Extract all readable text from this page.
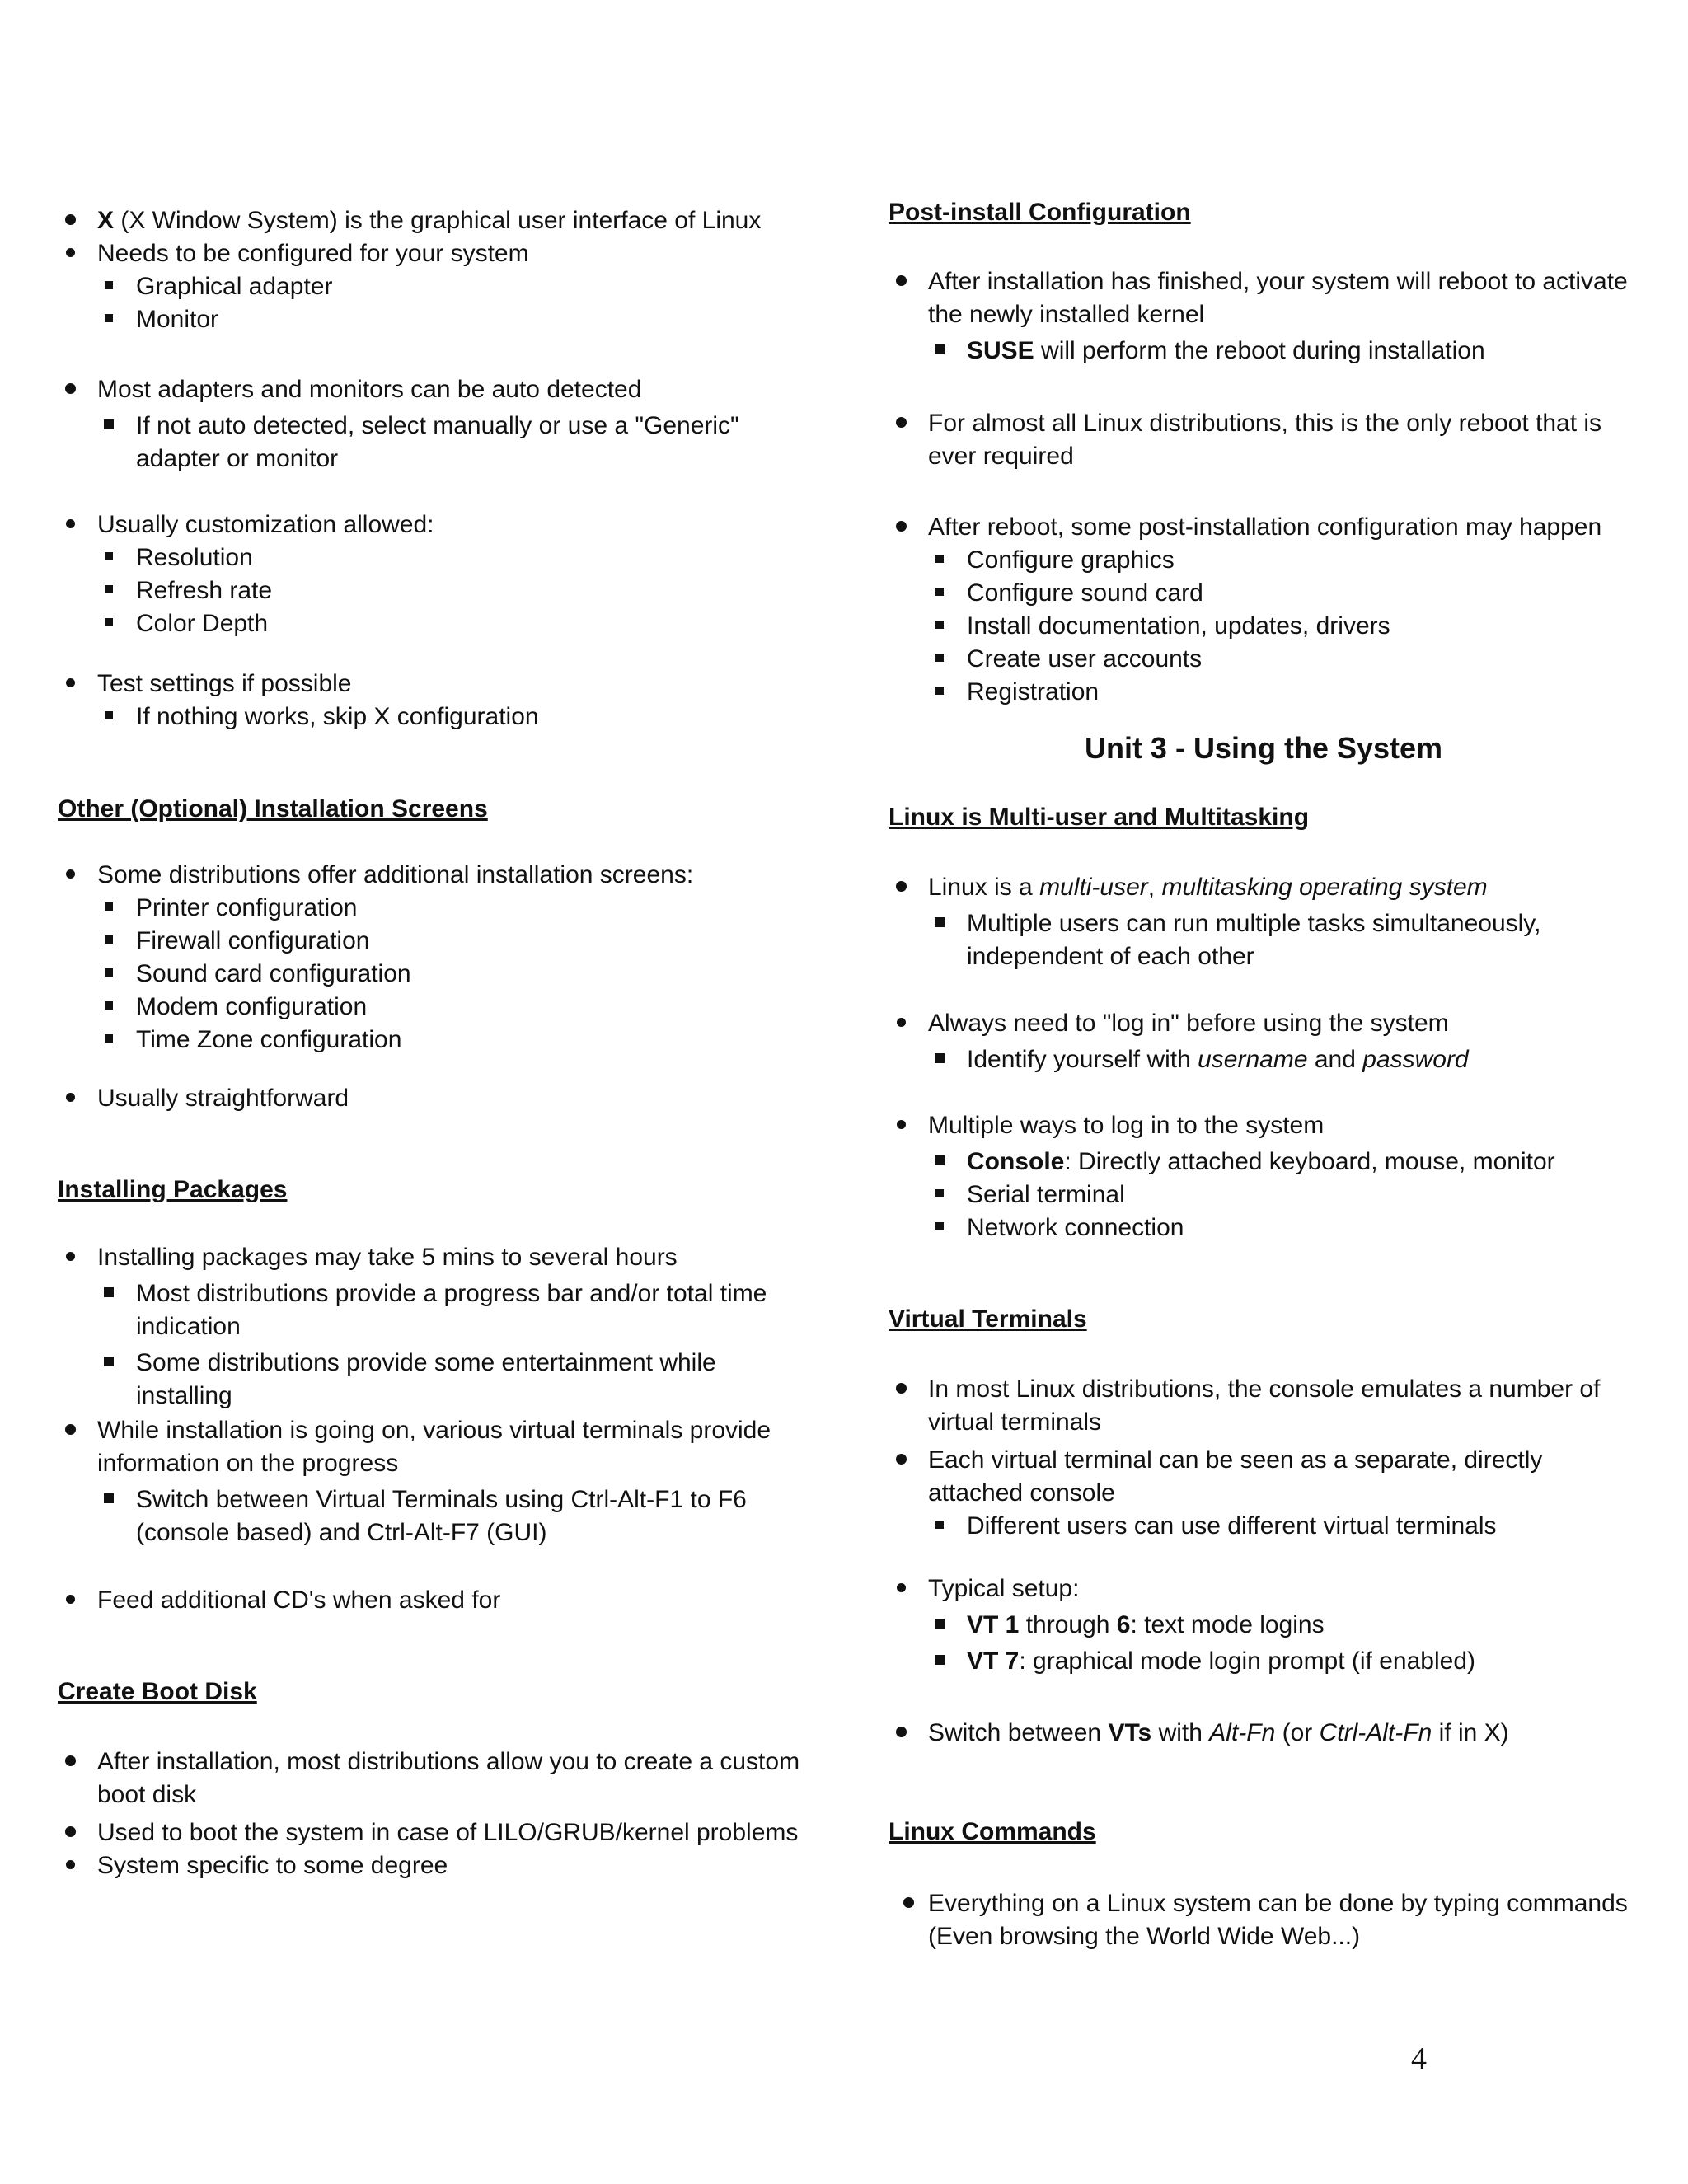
X (X Window System) is the graphical user interface of Linux
Needs to be configured for your system
Graphical adapter
Monitor
Most adapters and monitors can be auto detected
If not auto detected, select manually or use a "Generic" adapter or monitor
Usually customization allowed:
Resolution
Refresh rate
Color Depth
Test settings if possible
If nothing works, skip X configuration
Other (Optional) Installation Screens
Some distributions offer additional installation screens:
Printer configuration
Firewall configuration
Sound card configuration
Modem configuration
Time Zone configuration
Usually straightforward
Installing Packages
Installing packages may take 5 mins to several hours
Most distributions provide a progress bar and/or total time indication
Some distributions provide some entertainment while installing
While installation is going on, various virtual terminals provide information on the progress
Switch between Virtual Terminals using Ctrl-Alt-F1 to F6 (console based) and Ctrl-Alt-F7 (GUI)
Feed additional CD's when asked for
Create Boot Disk
After installation, most distributions allow you to create a custom boot disk
Used to boot the system in case of LILO/GRUB/kernel problems
System specific to some degree
Post-install Configuration
After installation has finished, your system will reboot to activate the newly installed kernel
SUSE will perform the reboot during installation
For almost all Linux distributions, this is the only reboot that is ever required
After reboot, some post-installation configuration may happen
Configure graphics
Configure sound card
Install documentation, updates, drivers
Create user accounts
Registration
Unit 3 - Using the System
Linux is Multi-user and Multitasking
Linux is a multi-user, multitasking operating system
Multiple users can run multiple tasks simultaneously, independent of each other
Always need to "log in" before using the system
Identify yourself with username and password
Multiple ways to log in to the system
Console: Directly attached keyboard, mouse, monitor
Serial terminal
Network connection
Virtual Terminals
In most Linux distributions, the console emulates a number of virtual terminals
Each virtual terminal can be seen as a separate, directly attached console
Different users can use different virtual terminals
Typical setup:
VT 1 through 6: text mode logins
VT 7: graphical mode login prompt (if enabled)
Switch between VTs with Alt-Fn (or Ctrl-Alt-Fn if in X)
Linux Commands
Everything on a Linux system can be done by typing commands (Even browsing the World Wide Web...)
4
